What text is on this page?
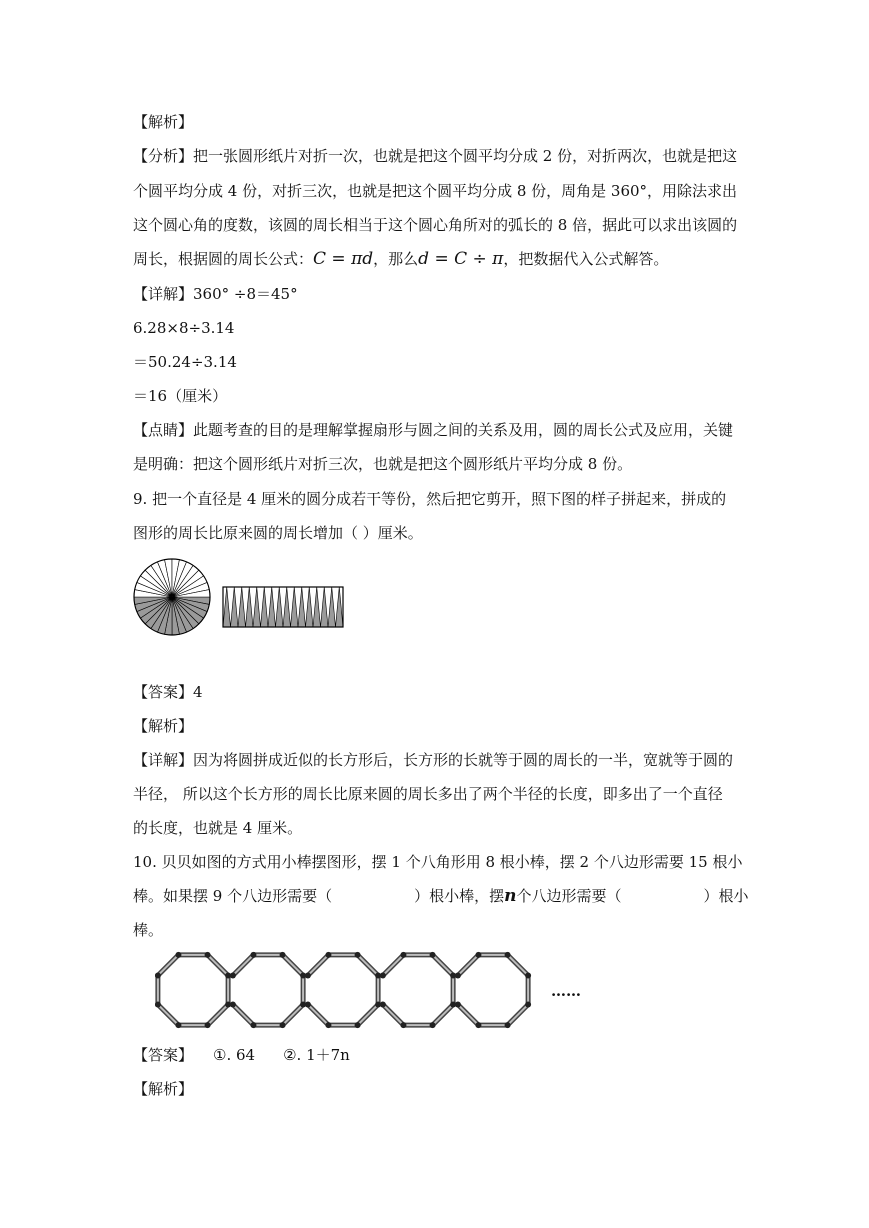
【解析】
【分析】把一张圆形纸片对折一次，也就是把这个圆平均分成 2 份，对折两次，也就是把这
个圆平均分成 4 份，对折三次，也就是把这个圆平均分成 8 份，周角是 360°，用除法求出
这个圆心角的度数，该圆的周长相当于这个圆心角所对的弧长的 8 倍，据此可以求出该圆的
周长，根据圆的周长公式：C = πd，那么d = C ÷ π，把数据代入公式解答。
【详解】360° ÷8＝45°
6.28×8÷3.14
＝50.24÷3.14
＝16（厘米）
【点睛】此题考查的目的是理解掌握扇形与圆之间的关系及用，圆的周长公式及应用，关键
是明确：把这个圆形纸片对折三次，也就是把这个圆形纸片平均分成 8 份。
9. 把一个直径是 4 厘米的圆分成若干等份，然后把它剪开，照下图的样子拼起来，拼成的
图形的周长比原来圆的周长增加（ ）厘米。
【答案】4
【解析】
【详解】因为将圆拼成近似的长方形后，长方形的长就等于圆的周长的一半，宽就等于圆的
半径， 所以这个长方形的周长比原来圆的周长多出了两个半径的长度，即多出了一个直径
的长度，也就是 4 厘米。
10. 贝贝如图的方式用小棒摆图形，摆 1 个八角形用 8 根小棒，摆 2 个八边形需要 15 根小
棒。如果摆 9 个八边形需要（	）根小棒，摆n个八边形需要（	）根小
棒。
……
【答案】 ①. 64 ②. 1＋7n
【解析】
